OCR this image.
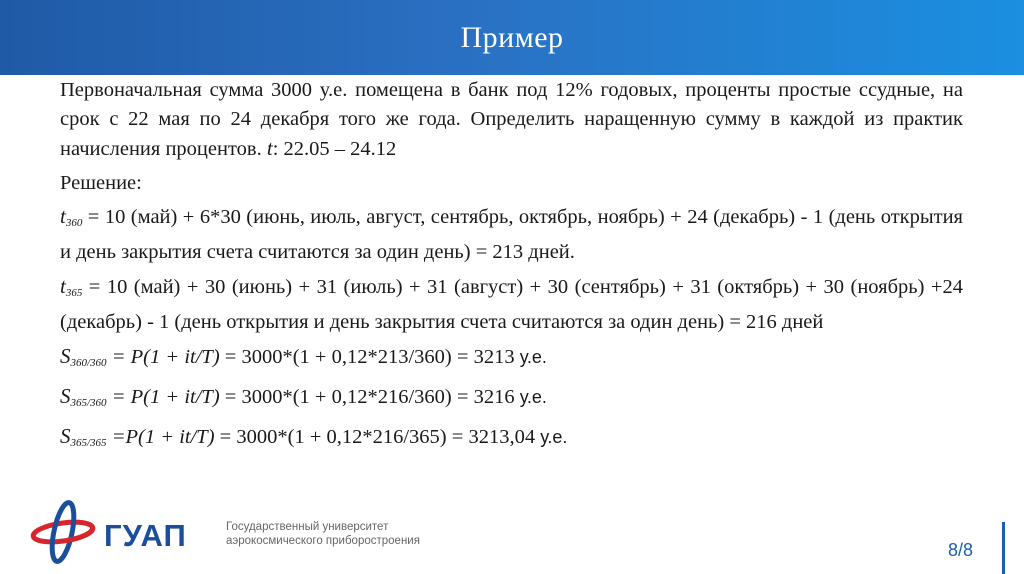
Пример

Первоначальная сумма 3000 у.е. помещена в банк под 12% годовых, проценты простые ссудные, на срок с 22 мая по 24 декабря того же года. Определить наращенную сумму в каждой из практик начисления процентов. t: 22.05 – 24.12

Решение:

$t_{360} = 10$ (май) + 6*30 (июнь, июль, август, сентябрь, октябрь, ноябрь) + 24 (декабрь) - 1 (день открытия и день закрытия счета считаются за один день) = 213 дней.

$t_{365} = 10$ (май) + 30 (июнь) + 31 (июль) + 31 (август) + 30 (сентябрь) + 31 (октябрь) + 30 (ноябрь) +24 (декабрь) - 1 (день открытия и день закрытия счета считаются за один день) = 216 дней

$S_{360/360} = P(1 + it/T) = 3000*(1 + 0,12*213/360) = 3213$ у.е.

$S_{365/360} = P(1 + it/T) = 3000*(1 + 0,12*216/360) = 3216$ у.е.

$S_{365/365} =P(1 + it/T) = 3000*(1 + 0,12*216/365) = 3213,04$ у.е.

ГУАП	Государственный университет
аэрокосмического приборостроения	8/8
